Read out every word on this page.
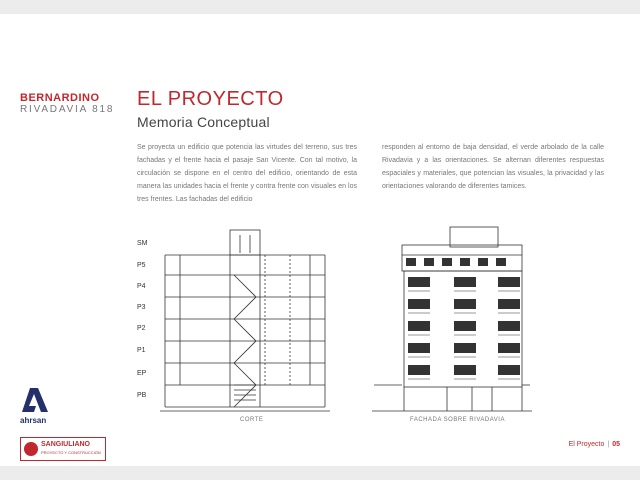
BERNARDINO
RIVADAVIA 818 EL PROYECTO
Memoria Conceptual
Se proyecta un edificio que potencia las virtudes del terreno, sus tres fachadas y el frente hacia el pasaje San Vicente. Con tal motivo, la circulación se dispone en el centro del edificio, orientando de esta manera las unidades hacia el frente y contra frente con visuales en los tres frentes. Las fachadas del edificio
responden al entorno de baja densidad, el verde arbolado de la calle Rivadavia y a las orientaciones. Se alternan diferentes respuestas espaciales y materiales, que potencian las visuales, la privacidad y las orientaciones valorando de diferentes tamices.
SM
P5
P4
P3
P2
P1
EP
PB
CORTE	FACHADA SOBRE RIVADAVIA
ahrsan
SANGIULIANO
PROYECTO Y CONSTRUCCIÓN
El Proyecto | 05
